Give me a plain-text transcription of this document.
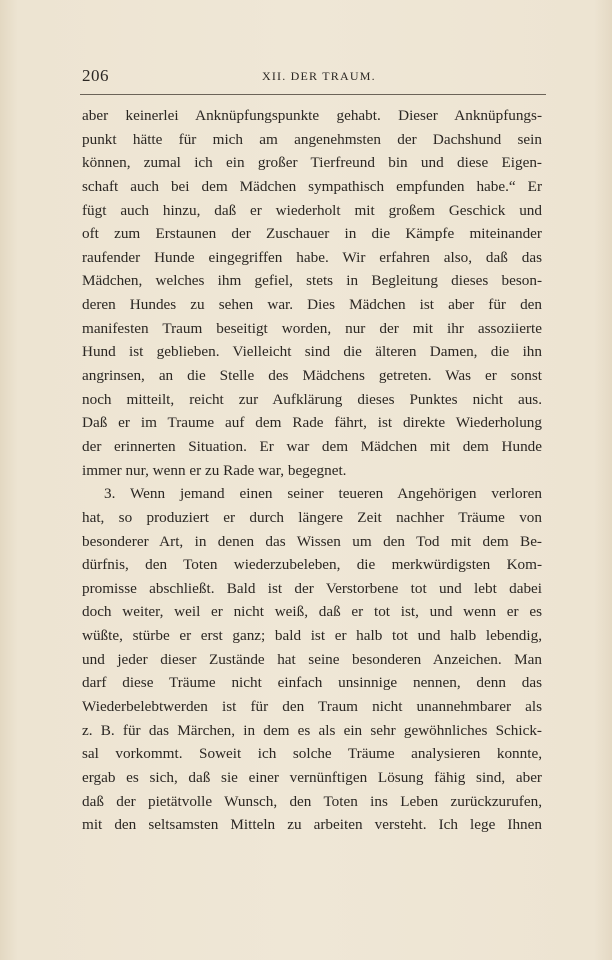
206	XII. DER TRAUM.
aber keinerlei Anknüpfungspunkte gehabt. Dieser Anknüpfungs-
punkt hätte für mich am angenehmsten der Dachshund sein
können, zumal ich ein großer Tierfreund bin und diese Eigen-
schaft auch bei dem Mädchen sympathisch empfunden habe.“ Er
fügt auch hinzu, daß er wiederholt mit großem Geschick und
oft zum Erstaunen der Zuschauer in die Kämpfe miteinander
raufender Hunde eingegriffen habe. Wir erfahren also, daß das
Mädchen, welches ihm gefiel, stets in Begleitung dieses beson-
deren Hundes zu sehen war. Dies Mädchen ist aber für den
manifesten Traum beseitigt worden, nur der mit ihr assoziierte
Hund ist geblieben. Vielleicht sind die älteren Damen, die ihn
angrinsen, an die Stelle des Mädchens getreten. Was er sonst
noch mitteilt, reicht zur Aufklärung dieses Punktes nicht aus.
Daß er im Traume auf dem Rade fährt, ist direkte Wiederholung
der erinnerten Situation. Er war dem Mädchen mit dem Hunde
immer nur, wenn er zu Rade war, begegnet.
3. Wenn jemand einen seiner teueren Angehörigen verloren
hat, so produziert er durch längere Zeit nachher Träume von
besonderer Art, in denen das Wissen um den Tod mit dem Be-
dürfnis, den Toten wiederzubeleben, die merkwürdigsten Kom-
promisse abschließt. Bald ist der Verstorbene tot und lebt dabei
doch weiter, weil er nicht weiß, daß er tot ist, und wenn er es
wüßte, stürbe er erst ganz; bald ist er halb tot und halb lebendig,
und jeder dieser Zustände hat seine besonderen Anzeichen. Man
darf diese Träume nicht einfach unsinnige nennen, denn das
Wiederbelebtwerden ist für den Traum nicht unannehmbarer als
z. B. für das Märchen, in dem es als ein sehr gewöhnliches Schick-
sal vorkommt. Soweit ich solche Träume analysieren konnte,
ergab es sich, daß sie einer vernünftigen Lösung fähig sind, aber
daß der pietätvolle Wunsch, den Toten ins Leben zurückzurufen,
mit den seltsamsten Mitteln zu arbeiten versteht. Ich lege Ihnen
